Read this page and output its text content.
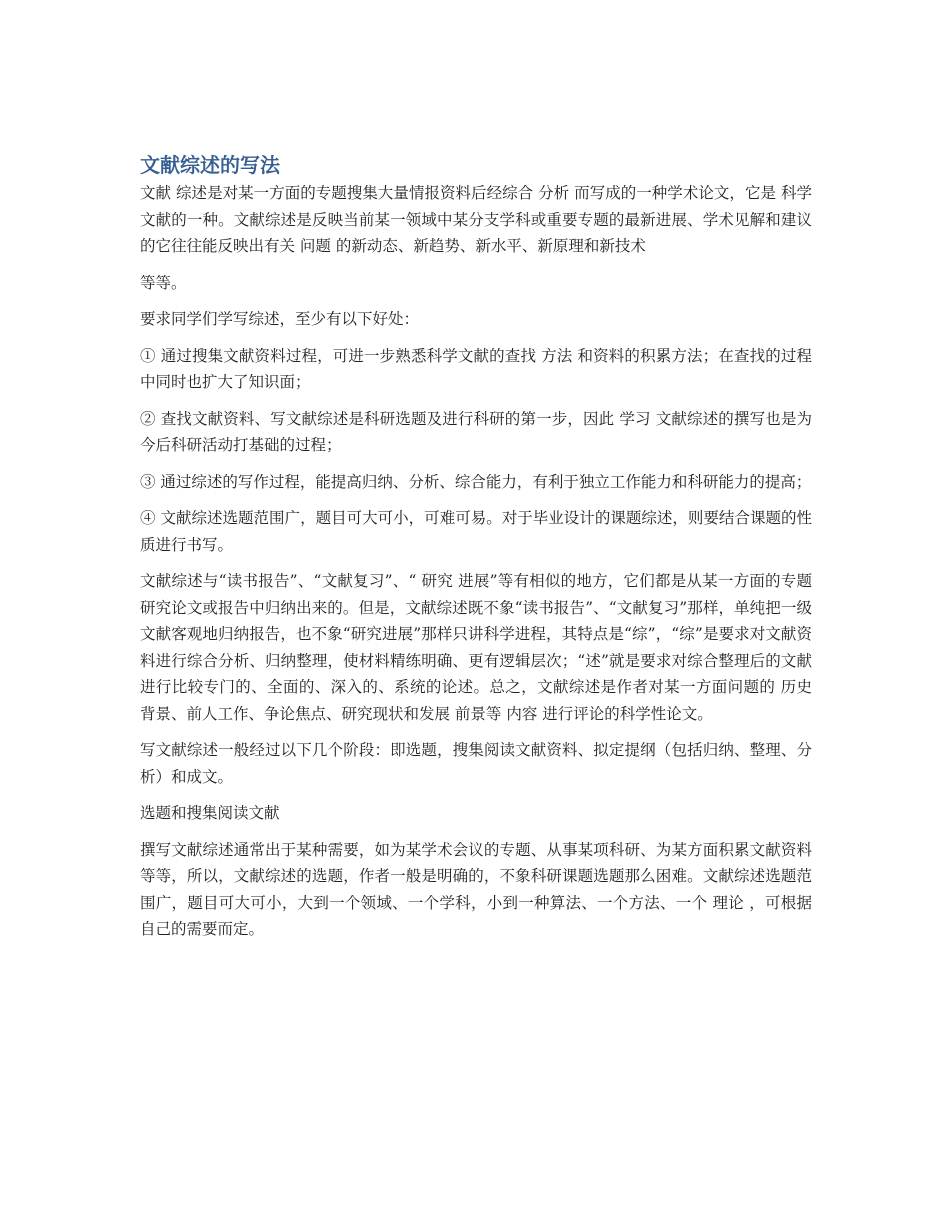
文献综述的写法

文献 综述是对某一方面的专题搜集大量情报资料后经综合 分析 而写成的一种学术论文，它是 科学 文献的一种。文献综述是反映当前某一领域中某分支学科或重要专题的最新进展、学术见解和建议的它往往能反映出有关 问题 的新动态、新趋势、新水平、新原理和新技术

等等。

要求同学们学写综述，至少有以下好处：

① 通过搜集文献资料过程，可进一步熟悉科学文献的查找 方法 和资料的积累方法；在查找的过程中同时也扩大了知识面；

② 查找文献资料、写文献综述是科研选题及进行科研的第一步，因此 学习 文献综述的撰写也是为今后科研活动打基础的过程；

③ 通过综述的写作过程，能提高归纳、分析、综合能力，有利于独立工作能力和科研能力的提高；

④ 文献综述选题范围广，题目可大可小，可难可易。对于毕业设计的课题综述，则要结合课题的性质进行书写。

文献综述与“读书报告”、“文献复习”、“ 研究 进展”等有相似的地方，它们都是从某一方面的专题研究论文或报告中归纳出来的。但是，文献综述既不象“读书报告”、“文献复习”那样，单纯把一级文献客观地归纳报告，也不象“研究进展”那样只讲科学进程，其特点是“综”，“综”是要求对文献资料进行综合分析、归纳整理，使材料精练明确、更有逻辑层次；“述”就是要求对综合整理后的文献进行比较专门的、全面的、深入的、系统的论述。总之，文献综述是作者对某一方面问题的 历史 背景、前人工作、争论焦点、研究现状和发展 前景等 内容 进行评论的科学性论文。

写文献综述一般经过以下几个阶段：即选题，搜集阅读文献资料、拟定提纲（包括归纳、整理、分析）和成文。

选题和搜集阅读文献

撰写文献综述通常出于某种需要，如为某学术会议的专题、从事某项科研、为某方面积累文献资料等等，所以，文献综述的选题，作者一般是明确的，不象科研课题选题那么困难。文献综述选题范围广，题目可大可小，大到一个领域、一个学科，小到一种算法、一个方法、一个 理论 ，可根据自己的需要而定。
